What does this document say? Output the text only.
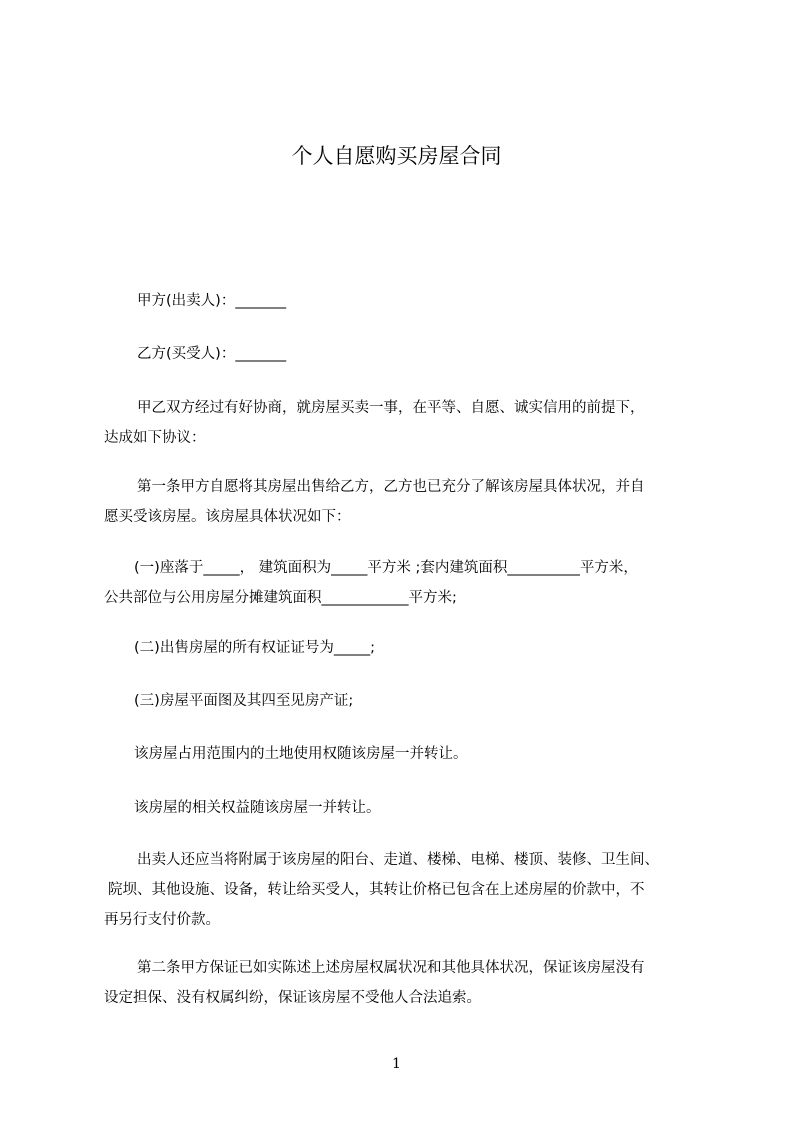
个人自愿购买房屋合同
甲方(出卖人)：_______
乙方(买受人)：_______
甲乙双方经过有好协商，就房屋买卖一事，在平等、自愿、诚实信用的前提下，
达成如下协议：
第一条甲方自愿将其房屋出售给乙方，乙方也已充分了解该房屋具体状况，并自
愿买受该房屋。该房屋具体状况如下：
(一)座落于_____， 建筑面积为_____平方米 ;套内建筑面积__________平方米，
公共部位与公用房屋分摊建筑面积____________平方米;
(二)出售房屋的所有权证证号为_____;
(三)房屋平面图及其四至见房产证;
该房屋占用范围内的土地使用权随该房屋一并转让。
该房屋的相关权益随该房屋一并转让。
出卖人还应当将附属于该房屋的阳台、走道、楼梯、电梯、楼顶、装修、卫生间、
院坝、其他设施、设备，转让给买受人，其转让价格已包含在上述房屋的价款中，不
再另行支付价款。
第二条甲方保证已如实陈述上述房屋权属状况和其他具体状况，保证该房屋没有
设定担保、没有权属纠纷，保证该房屋不受他人合法追索。
1
